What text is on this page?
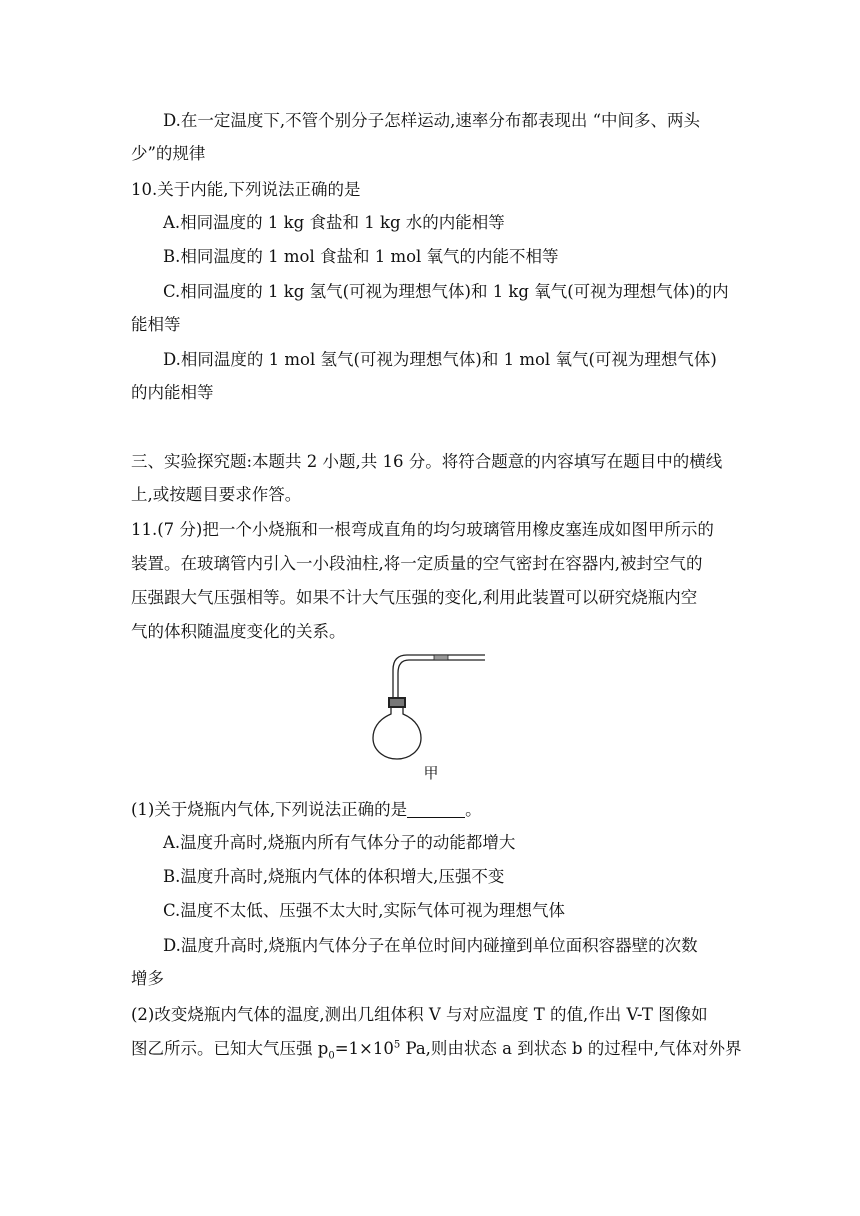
D.在一定温度下,不管个别分子怎样运动,速率分布都表现出 “中间多、两头
少”的规律
10.关于内能,下列说法正确的是
A.相同温度的 1 kg 食盐和 1 kg 水的内能相等
B.相同温度的 1 mol 食盐和 1 mol 氧气的内能不相等
C.相同温度的 1 kg 氢气(可视为理想气体)和 1 kg 氧气(可视为理想气体)的内
能相等
D.相同温度的 1 mol 氢气(可视为理想气体)和 1 mol 氧气(可视为理想气体)
的内能相等
三、实验探究题:本题共 2 小题,共 16 分。将符合题意的内容填写在题目中的横线
上,或按题目要求作答。
11.(7 分)把一个小烧瓶和一根弯成直角的均匀玻璃管用橡皮塞连成如图甲所示的
装置。在玻璃管内引入一小段油柱,将一定质量的空气密封在容器内,被封空气的
压强跟大气压强相等。如果不计大气压强的变化,利用此装置可以研究烧瓶内空
气的体积随温度变化的关系。
甲
(1)关于烧瓶内气体,下列说法正确的是	。
A.温度升高时,烧瓶内所有气体分子的动能都增大
B.温度升高时,烧瓶内气体的体积增大,压强不变
C.温度不太低、压强不太大时,实际气体可视为理想气体
D.温度升高时,烧瓶内气体分子在单位时间内碰撞到单位面积容器壁的次数
增多
(2)改变烧瓶内气体的温度,测出几组体积 V 与对应温度 T 的值,作出 V-T 图像如
图乙所示。已知大气压强 $p_0=1\times 10^5$ Pa,则由状态 a 到状态 b 的过程中,气体对外界
